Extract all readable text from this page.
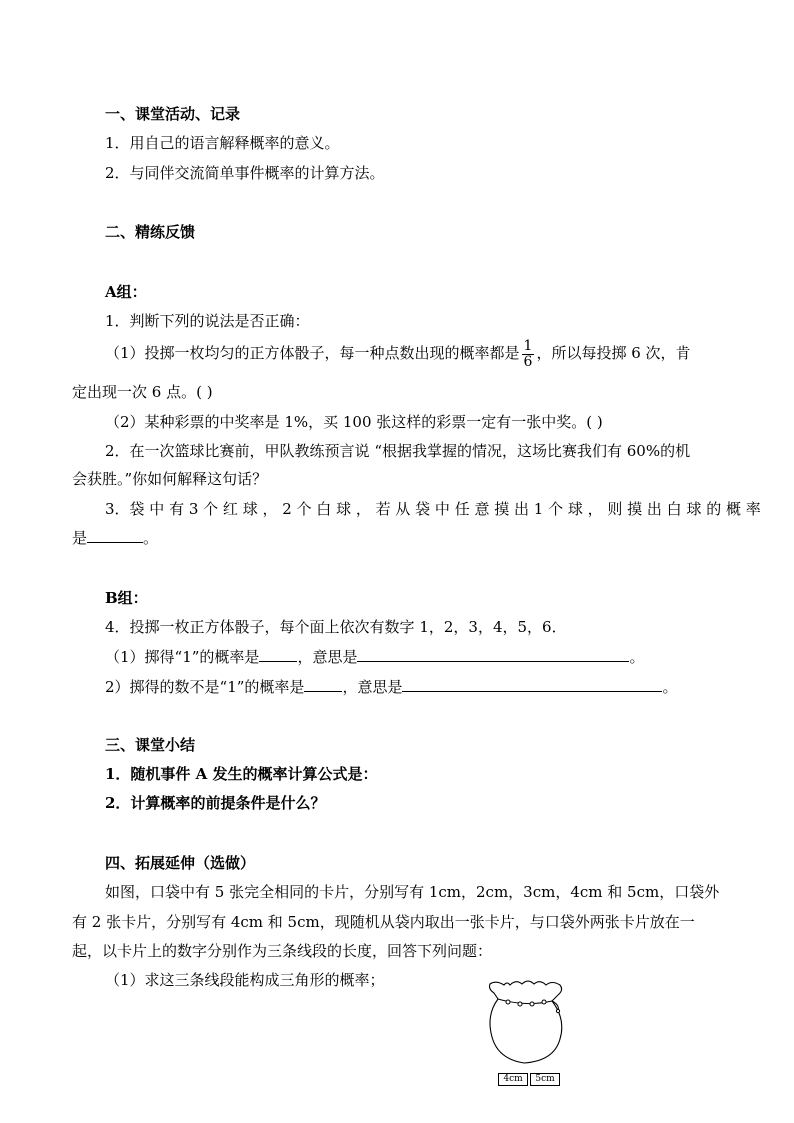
一、课堂活动、记录
1．用自己的语言解释概率的意义。
2．与同伴交流简单事件概率的计算方法。
二、精练反馈
A组：
1．判断下列的说法是否正确：
（1）投掷一枚均匀的正方体骰子，每一种点数出现的概率都是 $\frac{1}{6}$ ，所以每投掷 6 次，肯
定出现一次 6 点。( )
（2）某种彩票的中奖率是 1%，买 100 张这样的彩票一定有一张中奖。( )
2．在一次篮球比赛前，甲队教练预言说 “根据我掌握的情况，这场比赛我们有 60%的机
会获胜。”你如何解释这句话？
3．袋 中 有 3 个 红 球 ， 2 个 白 球 ， 若 从 袋 中 任 意 摸 出 1 个 球 ， 则 摸 出 白 球 的 概 率
是	。
B组：
4．投掷一枚正方体骰子，每个面上依次有数字 1，2，3，4，5，6．
（1）掷得“1”的概率是	，意思是	。
2）掷得的数不是“1”的概率是	，意思是	。
三、课堂小结
1．随机事件 A 发生的概率计算公式是：
2．计算概率的前提条件是什么？
四、拓展延伸（选做）
如图，口袋中有 5 张完全相同的卡片，分别写有 1cm，2cm，3cm，4cm 和 5cm，口袋外
有 2 张卡片，分别写有 4cm 和 5cm，现随机从袋内取出一张卡片，与口袋外两张卡片放在一
起，以卡片上的数字分别作为三条线段的长度，回答下列问题：
（1）求这三条线段能构成三角形的概率；
4cm	5cm
